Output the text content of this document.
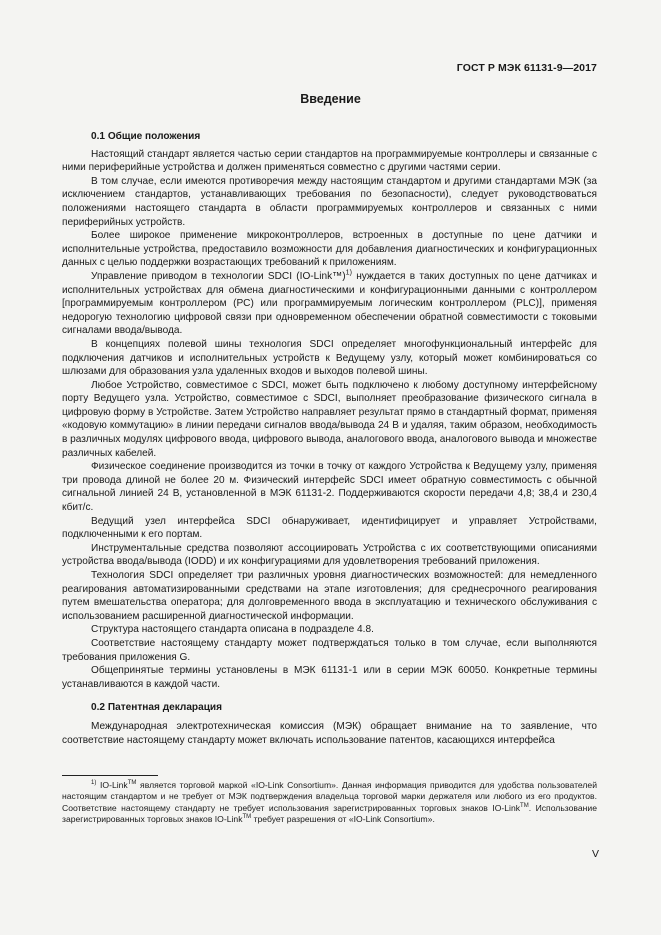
ГОСТ Р МЭК 61131-9—2017
Введение
0.1 Общие положения

Настоящий стандарт является частью серии стандартов на программируемые контроллеры и связанные с ними периферийные устройства и должен применяться совместно с другими частями серии.

В том случае, если имеются противоречия между настоящим стандартом и другими стандартами МЭК (за исключением стандартов, устанавливающих требования по безопасности), следует руководствоваться положениями настоящего стандарта в области программируемых контроллеров и связанных с ними периферийных устройств.

Более широкое применение микроконтроллеров, встроенных в доступные по цене датчики и исполнительные устройства, предоставило возможности для добавления диагностических и конфигурационных данных с целью поддержки возрастающих требований к приложениям.

Управление приводом в технологии SDCI (IO-Link™)$^{1)}$ нуждается в таких доступных по цене датчиках и исполнительных устройствах для обмена диагностическими и конфигурационными данными с контроллером [программируемым контроллером (PC) или программируемым логическим контроллером (PLC)], применяя недорогую технологию цифровой связи при одновременном обеспечении обратной совместимости с токовыми сигналами ввода/вывода.

В концепциях полевой шины технология SDCI определяет многофункциональный интерфейс для подключения датчиков и исполнительных устройств к Ведущему узлу, который может комбинироваться со шлюзами для образования узла удаленных входов и выходов полевой шины.

Любое Устройство, совместимое с SDCI, может быть подключено к любому доступному интерфейсному порту Ведущего узла. Устройство, совместимое с SDCI, выполняет преобразование физического сигнала в цифровую форму в Устройстве. Затем Устройство направляет результат прямо в стандартный формат, применяя «кодовую коммутацию» в линии передачи сигналов ввода/вывода 24 В и удаляя, таким образом, необходимость в различных модулях цифрового ввода, цифрового вывода, аналогового ввода, аналогового вывода и множестве различных кабелей.

Физическое соединение производится из точки в точку от каждого Устройства к Ведущему узлу, применяя три провода длиной не более 20 м. Физический интерфейс SDCI имеет обратную совместимость с обычной сигнальной линией 24 В, установленной в МЭК 61131-2. Поддерживаются скорости передачи 4,8; 38,4 и 230,4 кбит/с.

Ведущий узел интерфейса SDCI обнаруживает, идентифицирует и управляет Устройствами, подключенными к его портам.

Инструментальные средства позволяют ассоциировать Устройства с их соответствующими описаниями устройства ввода/вывода (IODD) и их конфигурациями для удовлетворения требований приложения.

Технология SDCI определяет три различных уровня диагностических возможностей: для немедленного реагирования автоматизированными средствами на этапе изготовления; для среднесрочного реагирования путем вмешательства оператора; для долговременного ввода в эксплуатацию и технического обслуживания с использованием расширенной диагностической информации.

Структура настоящего стандарта описана в подразделе 4.8.

Соответствие настоящему стандарту может подтверждаться только в том случае, если выполняются требования приложения G.

Общепринятые термины установлены в МЭК 61131-1 или в серии МЭК 60050. Конкретные термины устанавливаются в каждой части.

0.2 Патентная декларация

Международная электротехническая комиссия (МЭК) обращает внимание на то заявление, что соответствие настоящему стандарту может включать использование патентов, касающихся интерфейса

$^{1)}$ IO-Link™ является торговой маркой «IO-Link Consortium». Данная информация приводится для удобства пользователей настоящим стандартом и не требует от МЭК подтверждения владельца торговой марки держателя или любого из его продуктов. Соответствие настоящему стандарту не требует использования зарегистрированных торговых знаков IO-Link™. Использование зарегистрированных торговых знаков IO-Link™ требует разрешения от «IO-Link Consortium».
V
